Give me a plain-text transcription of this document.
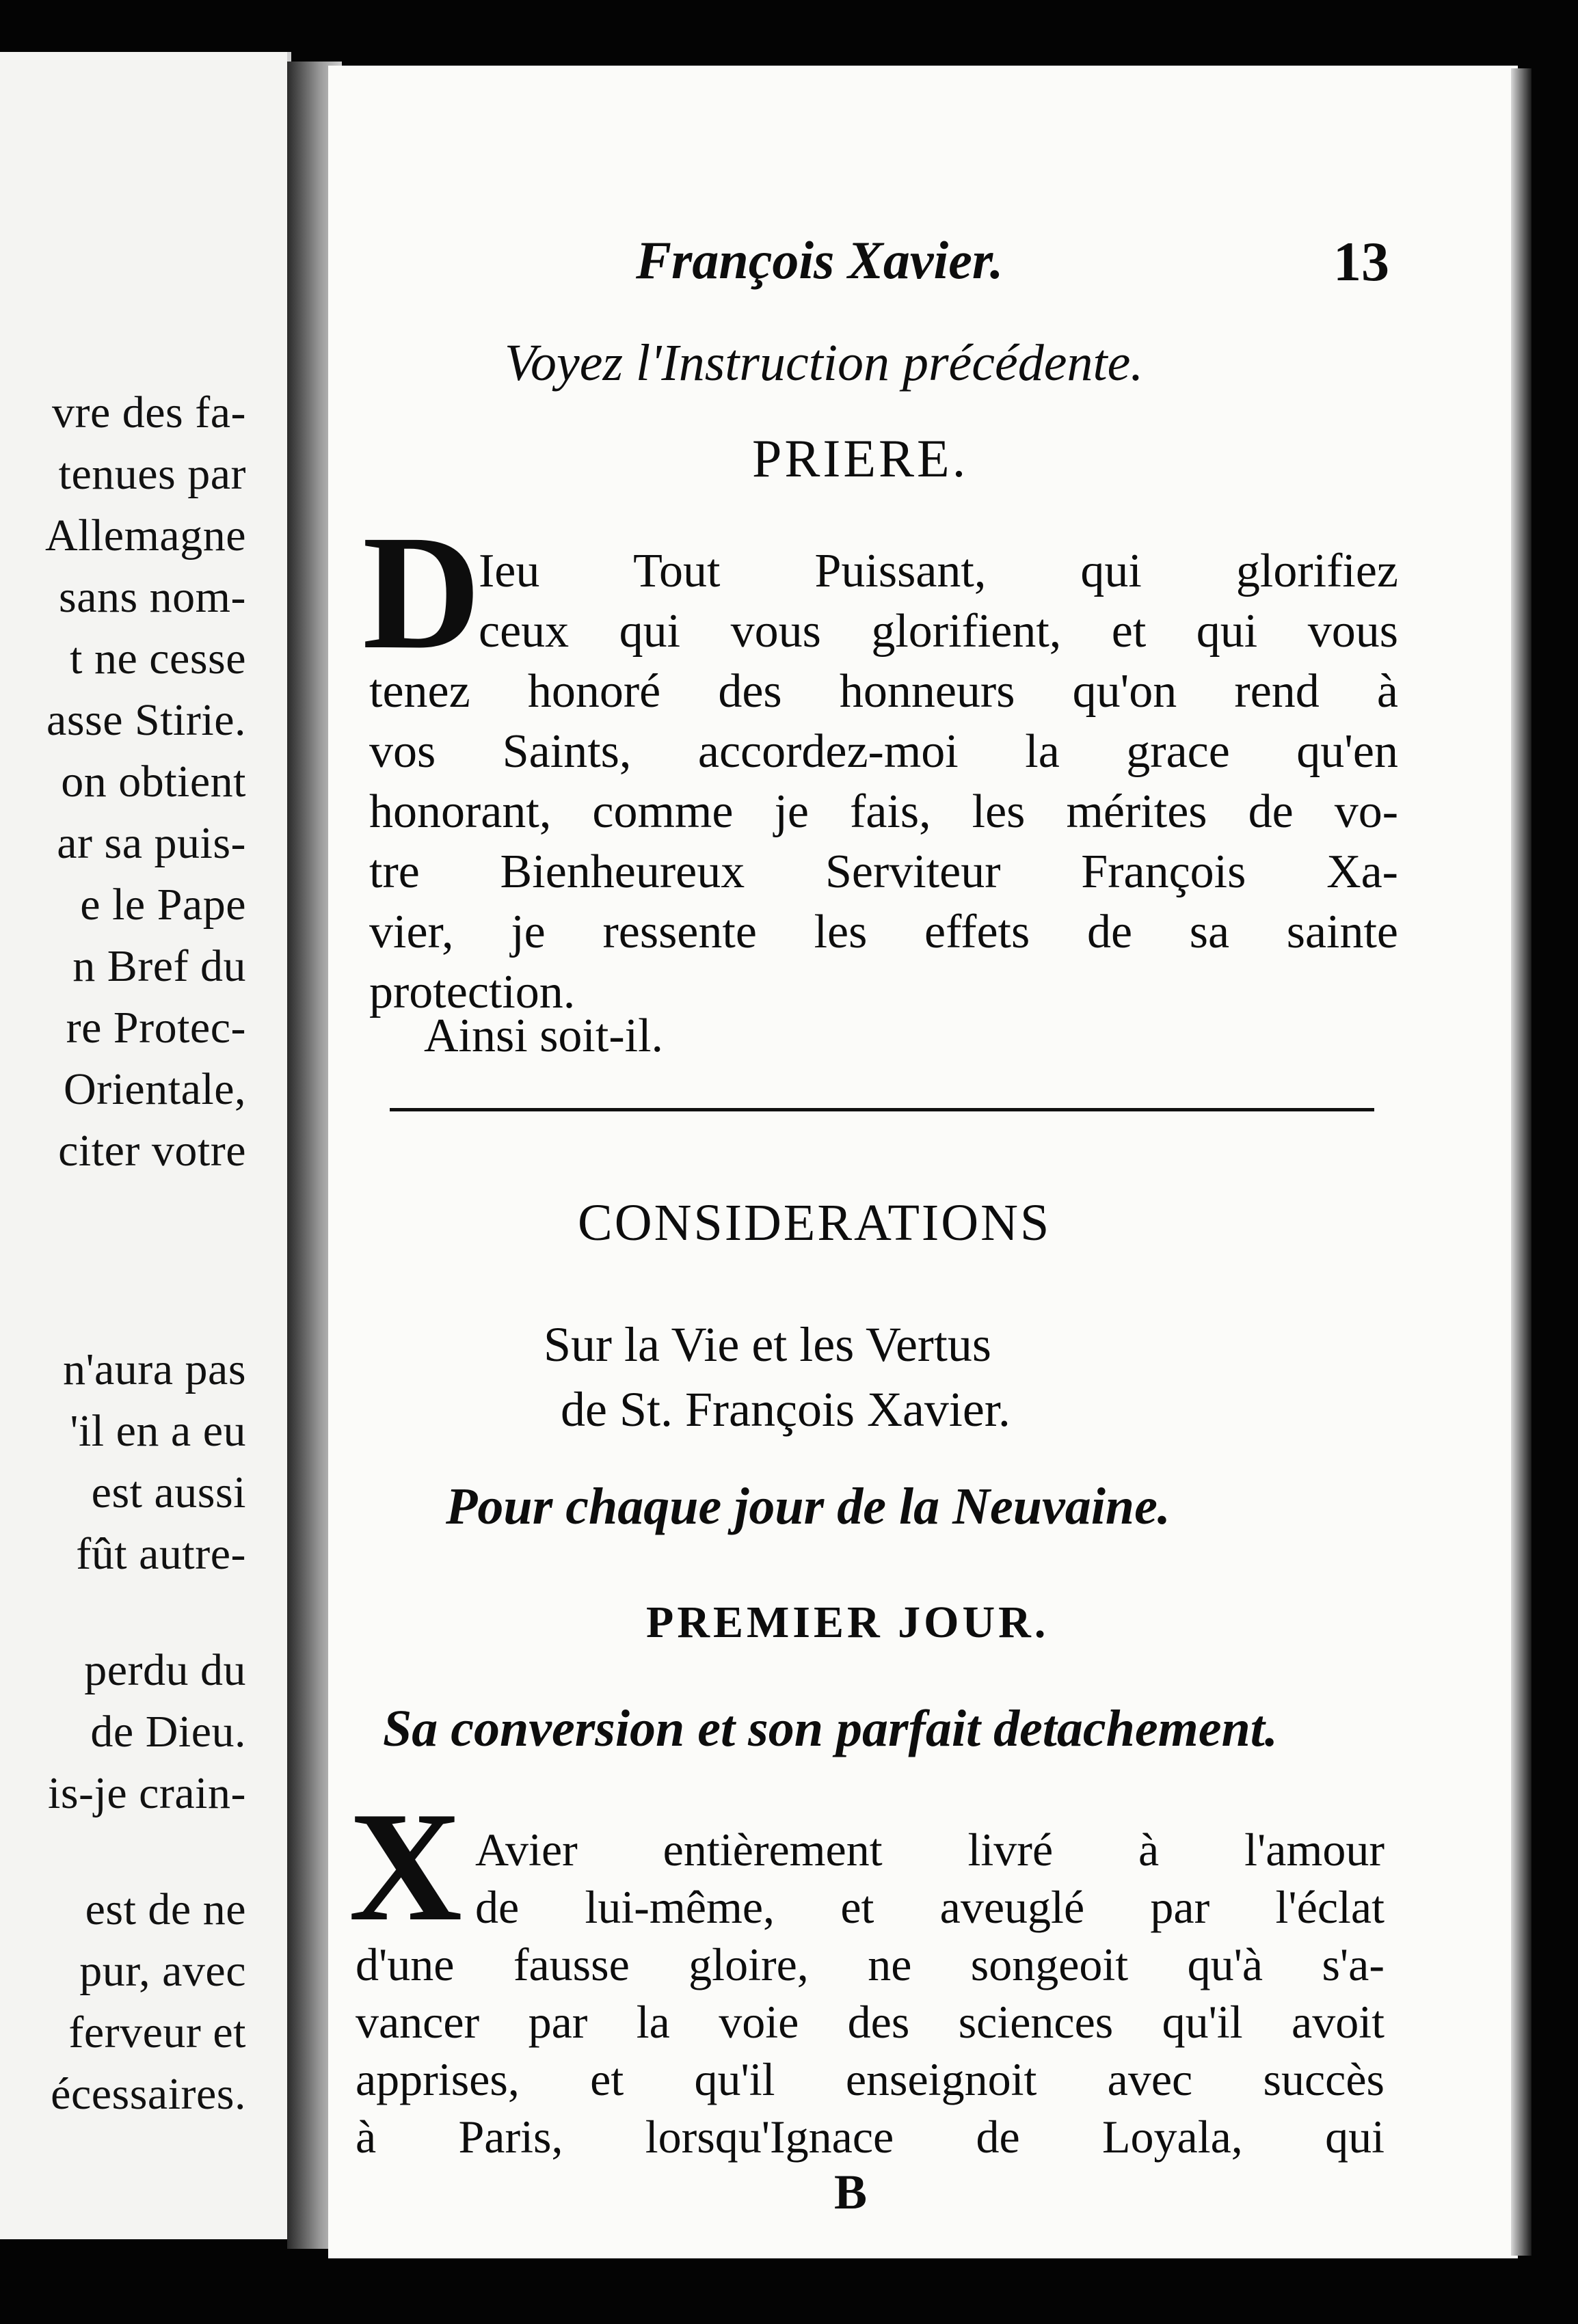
vre des fa-
tenues par
Allemagne
sans nom-
t ne cesse
asse Stirie.
on obtient
ar sa puis-
e le Pape
n Bref du
re Protec-
Orientale,
citer votre
n'aura pas
'il en a eu
est aussi
fût autre-
perdu du
de Dieu.
is-je crain-
est de ne
pur, avec
ferveur et
écessaires.
François Xavier.	13
Voyez l'Instruction précédente.
PRIERE.
D
Ieu Tout Puissant, qui glorifiez
ceux qui vous glorifient, et qui vous
tenez honoré des honneurs qu'on rend à
vos Saints, accordez-moi la grace qu'en
honorant, comme je fais, les mérites de vo-
tre Bienheureux Serviteur François Xa-
vier, je ressente les effets de sa sainte
protection.
Ainsi soit-il.
CONSIDERATIONS
Sur la Vie et les Vertus
de St. François Xavier.
Pour chaque jour de la Neuvaine.
PREMIER JOUR.
Sa conversion et son parfait detachement.
X Avier entièrement livré à l'amour
de lui-même, et aveuglé par l'éclat
d'une fausse gloire, ne songeoit qu'à s'a-
vancer par la voie des sciences qu'il avoit
apprises, et qu'il enseignoit avec succès
à Paris, lorsqu'Ignace de Loyala, qui
B
